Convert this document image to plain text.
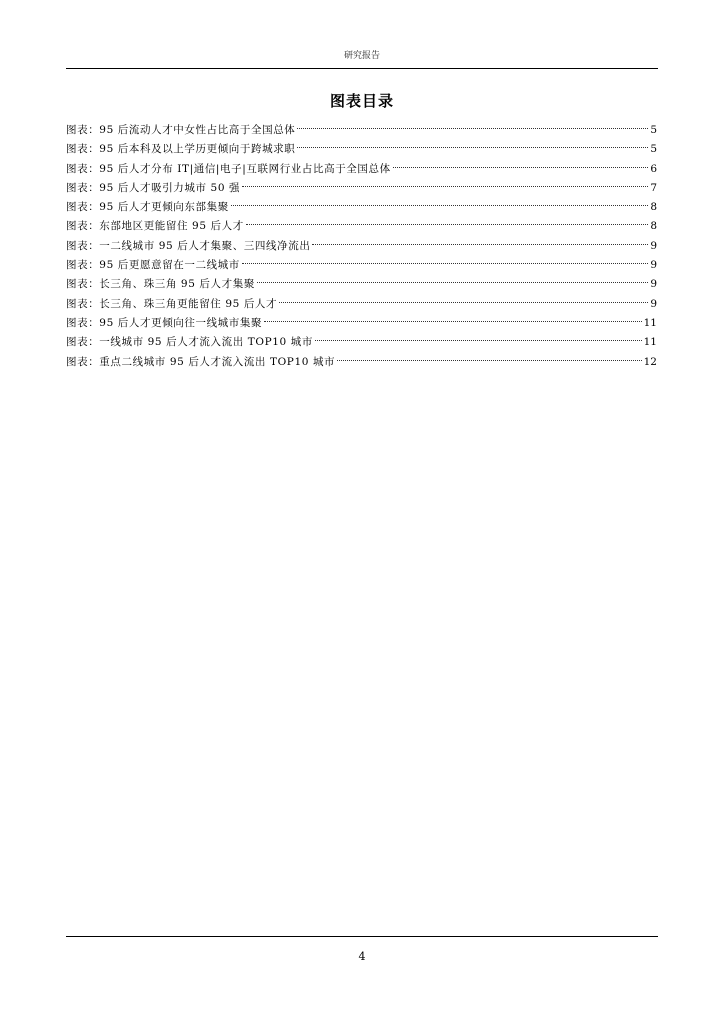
研究报告
图表目录
图表：95 后流动人才中女性占比高于全国总体	5
图表：95 后本科及以上学历更倾向于跨城求职	5
图表：95 后人才分布 IT|通信|电子|互联网行业占比高于全国总体	6
图表：95 后人才吸引力城市 50 强	7
图表：95 后人才更倾向东部集聚	8
图表：东部地区更能留住 95 后人才	8
图表：一二线城市 95 后人才集聚、三四线净流出	9
图表：95 后更愿意留在一二线城市	9
图表：长三角、珠三角 95 后人才集聚	9
图表：长三角、珠三角更能留住 95 后人才	9
图表：95 后人才更倾向往一线城市集聚	11
图表：一线城市 95 后人才流入流出 TOP10 城市	11
图表：重点二线城市 95 后人才流入流出 TOP10 城市	12
4
